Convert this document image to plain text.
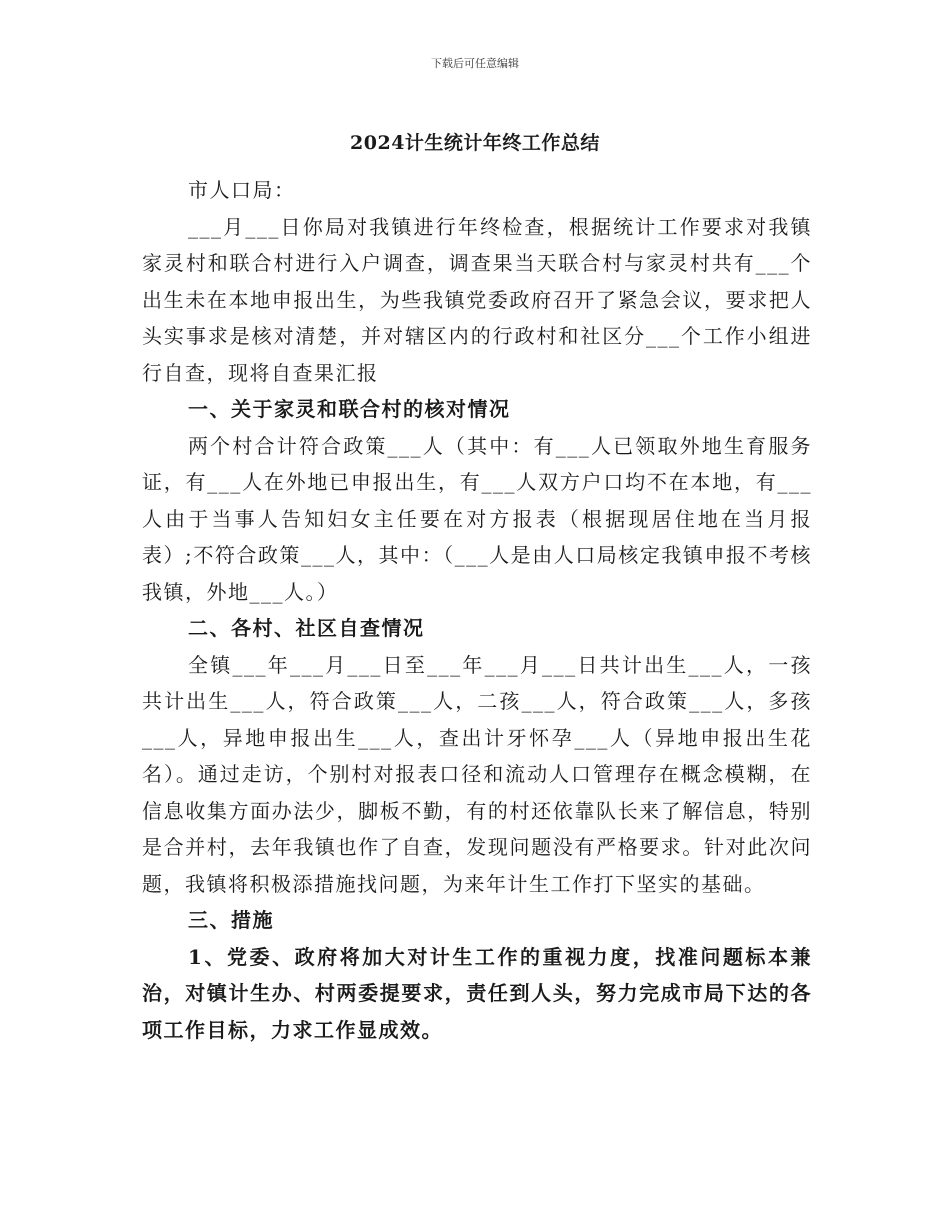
下载后可任意编辑
2024计生统计年终工作总结

市人口局：

___月___日你局对我镇进行年终检查，根据统计工作要求对我镇家灵村和联合村进行入户调查，调查果当天联合村与家灵村共有___个出生未在本地申报出生，为些我镇党委政府召开了紧急会议，要求把人头实事求是核对清楚，并对辖区内的行政村和社区分___个工作小组进行自查，现将自查果汇报

一、关于家灵和联合村的核对情况

两个村合计符合政策___人（其中：有___人已领取外地生育服务证，有___人在外地已申报出生，有___人双方户口均不在本地，有___人由于当事人告知妇女主任要在对方报表（根据现居住地在当月报表）;不符合政策___人，其中：（___人是由人口局核定我镇申报不考核我镇，外地___人。）

二、各村、社区自查情况

全镇___年___月___日至___年___月___日共计出生___人，一孩共计出生___人，符合政策___人，二孩___人，符合政策___人，多孩___人，异地申报出生___人，查出计牙怀孕___人（异地申报出生花名）。通过走访，个别村对报表口径和流动人口管理存在概念模糊，在信息收集方面办法少，脚板不勤，有的村还依靠队长来了解信息，特别是合并村，去年我镇也作了自查，发现问题没有严格要求。针对此次问题，我镇将积极添措施找问题，为来年计生工作打下坚实的基础。

三、措施

1、党委、政府将加大对计生工作的重视力度，找准问题标本兼治，对镇计生办、村两委提要求，责任到人头，努力完成市局下达的各项工作目标，力求工作显成效。
